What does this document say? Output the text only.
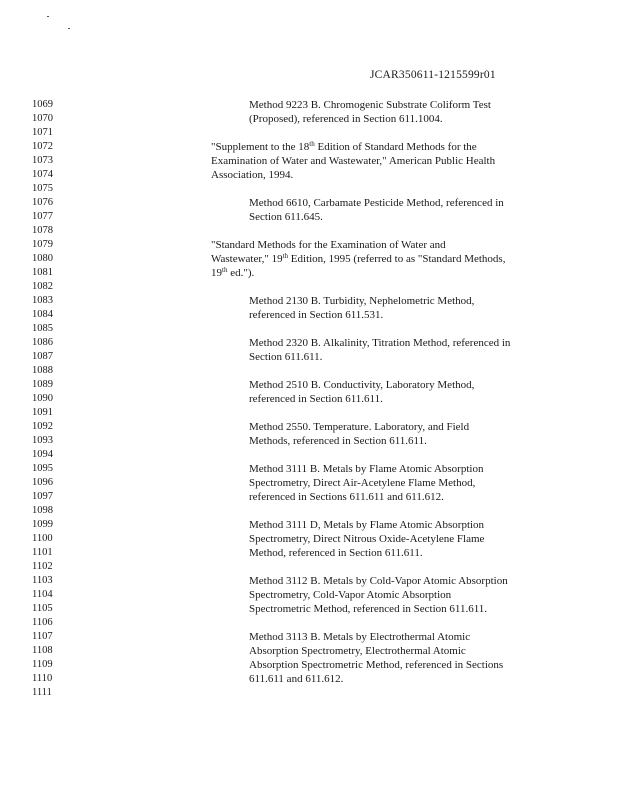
JCAR350611-1215599r01
1069
1070
1071
1072
1073
1074
1075
1076
1077
1078
1079
1080
1081
1082
1083
1084
1085
1086
1087
1088
1089
1090
1091
1092
1093
1094
1095
1096
1097
1098
1099
1100
1101
1102
1103
1104
1105
1106
1107
1108
1109
1110
1111
Method 9223 B. Chromogenic Substrate Coliform Test
(Proposed), referenced in Section 611.1004.
"Supplement to the 18th Edition of Standard Methods for the
Examination of Water and Wastewater," American Public Health
Association, 1994.
Method 6610, Carbamate Pesticide Method, referenced in
Section 611.645.
"Standard Methods for the Examination of Water and
Wastewater," 19th Edition, 1995 (referred to as "Standard Methods,
19th ed.").
Method 2130 B. Turbidity, Nephelometric Method,
referenced in Section 611.531.
Method 2320 B. Alkalinity, Titration Method, referenced in
Section 611.611.
Method 2510 B. Conductivity, Laboratory Method,
referenced in Section 611.611.
Method 2550. Temperature. Laboratory, and Field
Methods, referenced in Section 611.611.
Method 3111 B. Metals by Flame Atomic Absorption
Spectrometry, Direct Air-Acetylene Flame Method,
referenced in Sections 611.611 and 611.612.
Method 3111 D, Metals by Flame Atomic Absorption
Spectrometry, Direct Nitrous Oxide-Acetylene Flame
Method, referenced in Section 611.611.
Method 3112 B. Metals by Cold-Vapor Atomic Absorption
Spectrometry, Cold-Vapor Atomic Absorption
Spectrometric Method, referenced in Section 611.611.
Method 3113 B. Metals by Electrothermal Atomic
Absorption Spectrometry, Electrothermal Atomic
Absorption Spectrometric Method, referenced in Sections
611.611 and 611.612.
